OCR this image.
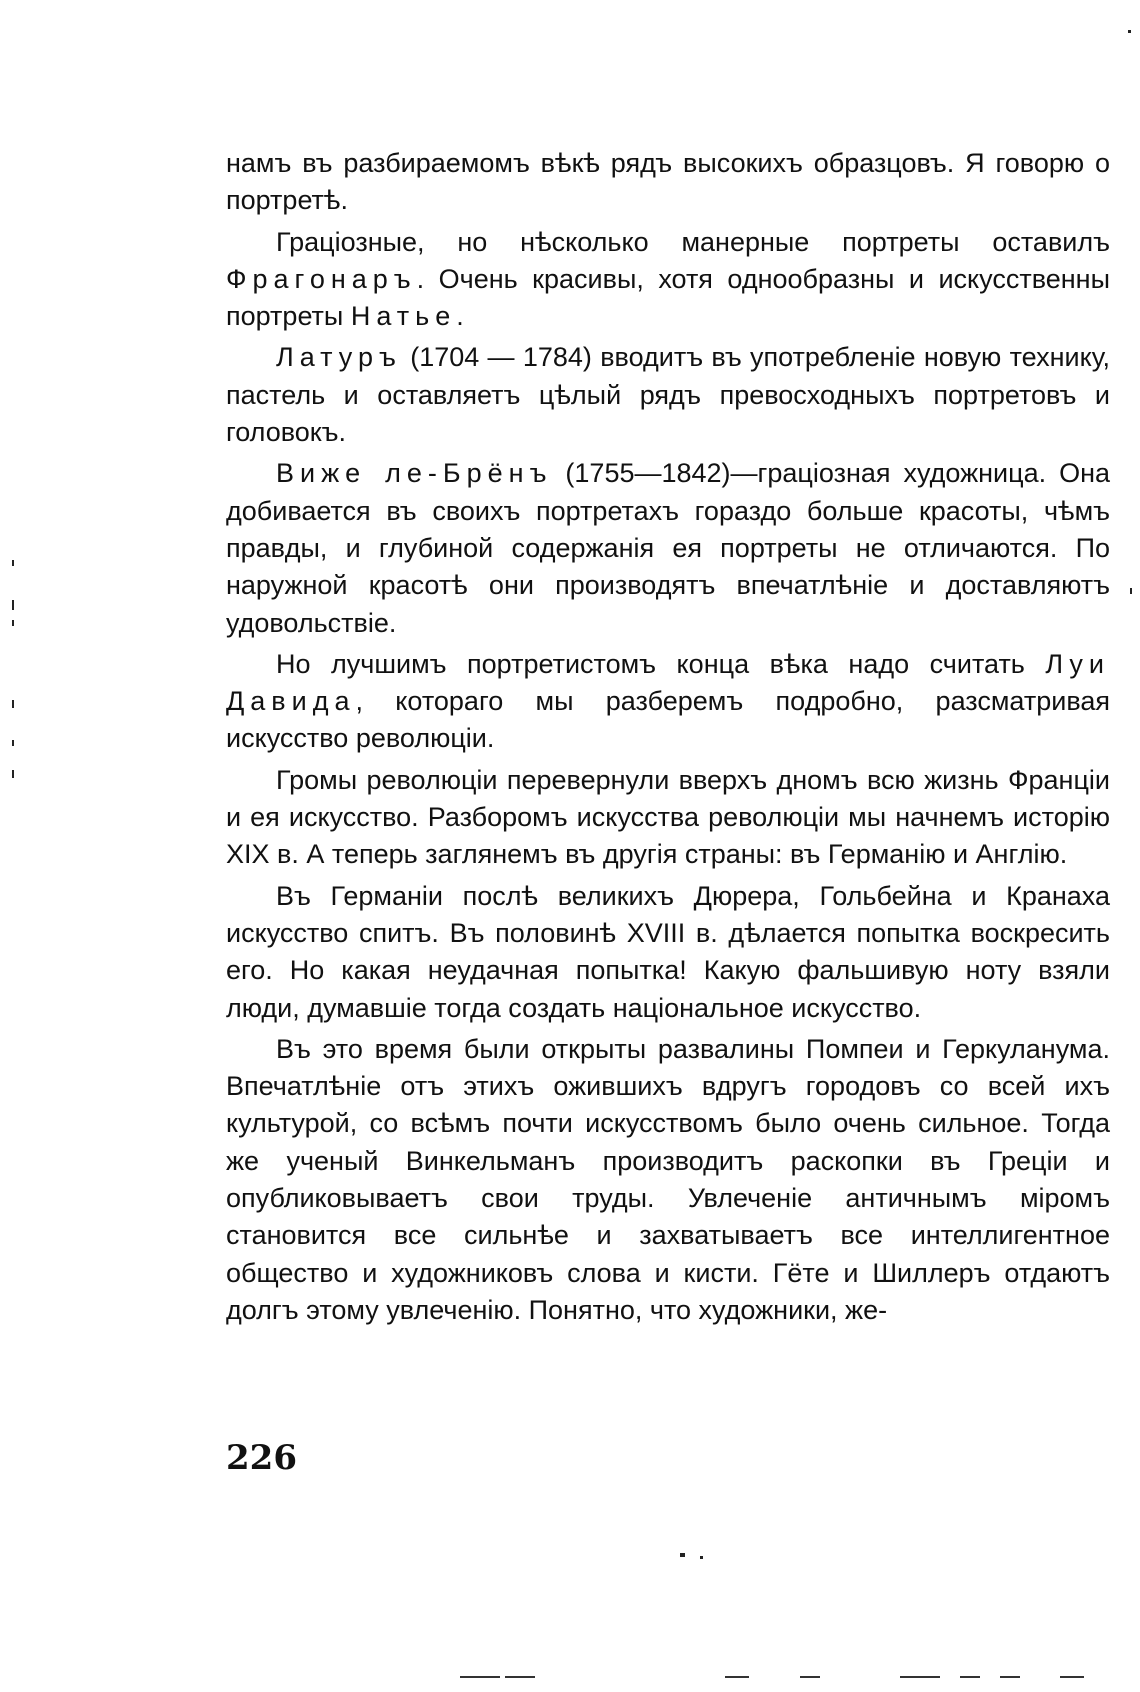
намъ въ разбираемомъ вѣкѣ рядъ высокихъ образцовъ. Я говорю о портретѣ.

Граціозные, но нѣсколько манерные портреты оставилъ Фрагонаръ. Очень красивы, хотя однообразны и искусственны портреты Натье.

Латуръ (1704 — 1784) вводитъ въ употребленіе новую технику, пастель и оставляетъ цѣлый рядъ превосходныхъ портретовъ и головокъ.

Виже ле-Брёнъ (1755—1842)—граціозная художница. Она добивается въ своихъ портретахъ гораздо больше красоты, чѣмъ правды, и глубиной содержанія ея портреты не отличаются. По наружной красотѣ они производятъ впечатлѣніе и доставляютъ удовольствіе.

Но лучшимъ портретистомъ конца вѣка надо считать Луи Давида, котораго мы разберемъ подробно, разсматривая искусство революціи.

Громы революціи перевернули вверхъ дномъ всю жизнь Франціи и ея искусство. Разборомъ искусства революціи мы начнемъ исторію XIX в. А теперь заглянемъ въ другія страны: въ Германію и Англію.

Въ Германіи послѣ великихъ Дюрера, Гольбейна и Кранаха искусство спитъ. Въ половинѣ XVIII в. дѣлается попытка воскресить его. Но какая неудачная попытка! Какую фальшивую ноту взяли люди, думавшіе тогда создать національное искусство.

Въ это время были открыты развалины Помпеи и Геркуланума. Впечатлѣніе отъ этихъ ожившихъ вдругъ городовъ со всей ихъ культурой, со всѣмъ почти искусствомъ было очень сильное. Тогда же ученый Винкельманъ производитъ раскопки въ Греціи и опубликовываетъ свои труды. Увлеченіе античнымъ міромъ становится все сильнѣе и захватываетъ все интеллигентное общество и художниковъ слова и кисти. Гёте и Шиллеръ отдаютъ долгъ этому увлеченію. Понятно, что художники, же-

226
